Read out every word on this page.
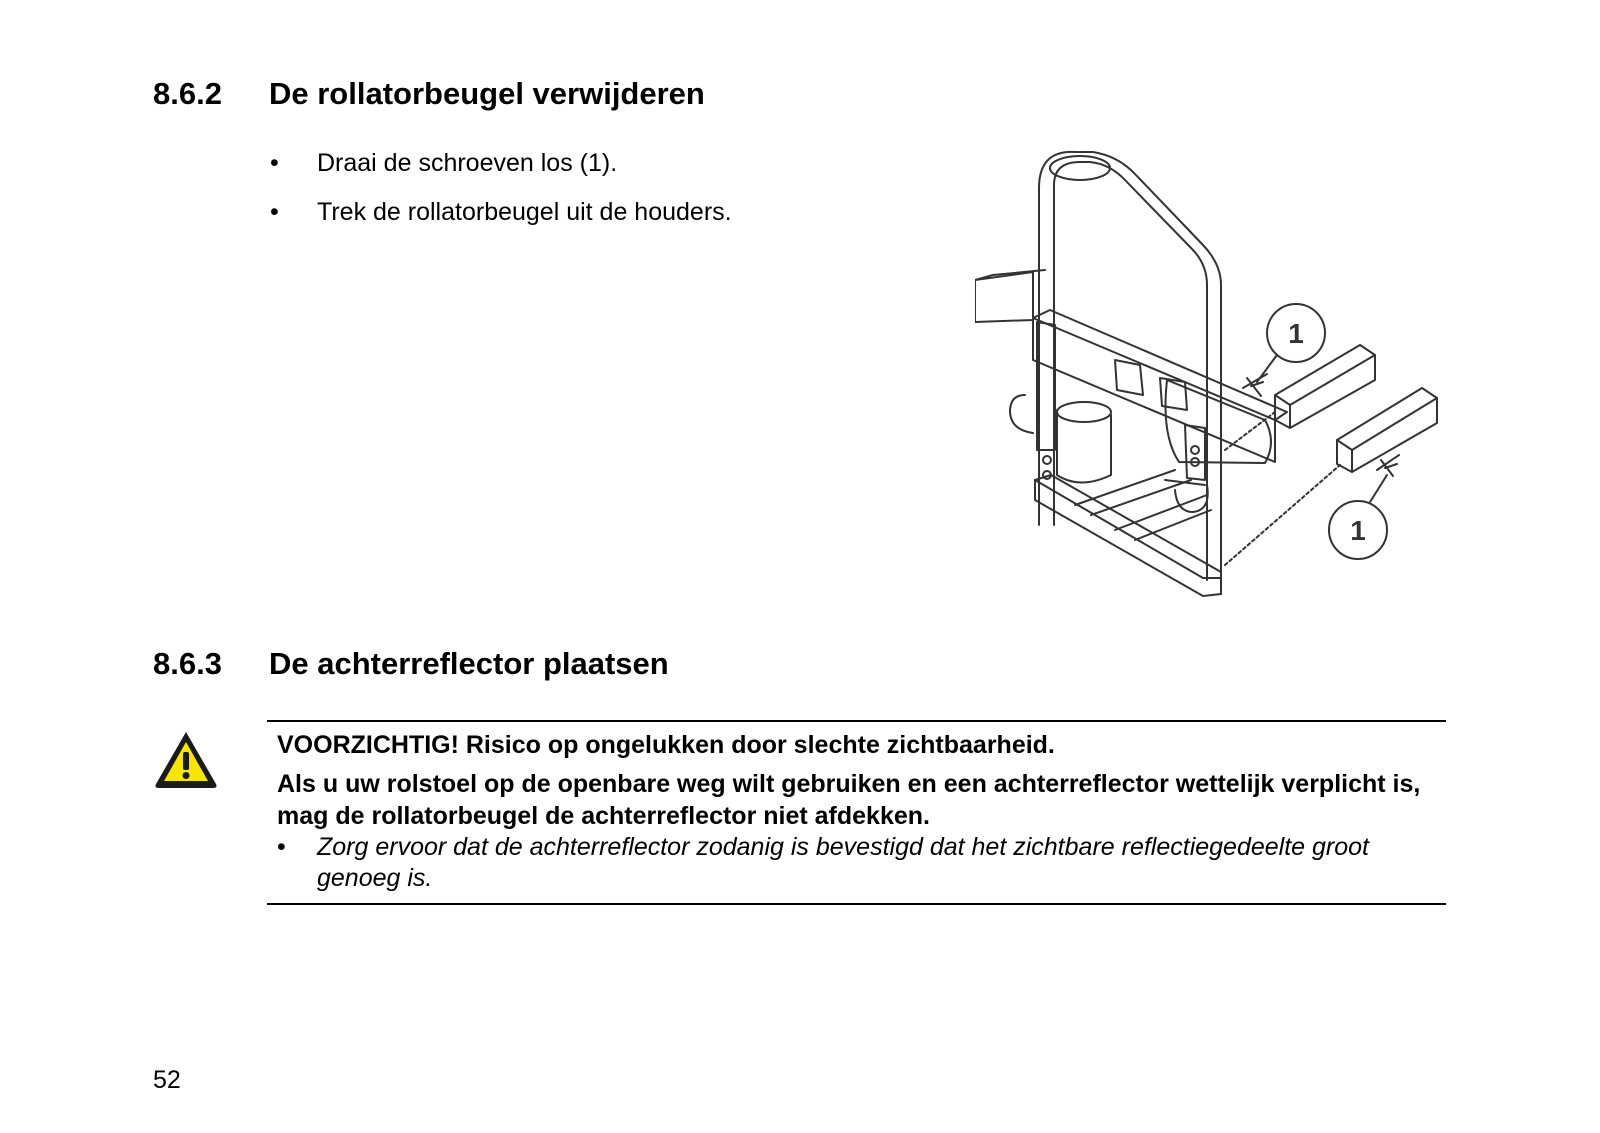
8.6.2 De rollatorbeugel verwijderen
• Draai de schroeven los (1).
• Trek de rollatorbeugel uit de houders.
1
1
8.6.3 De achterreflector plaatsen

VOORZICHTIG! Risico op ongelukken door slechte zichtbaarheid.

Als u uw rolstoel op de openbare weg wilt gebruiken en een achterreflector wettelijk verplicht is, mag de rollatorbeugel de achterreflector niet afdekken.

• Zorg ervoor dat de achterreflector zodanig is bevestigd dat het zichtbare reflectiegedeelte groot genoeg is.

52
